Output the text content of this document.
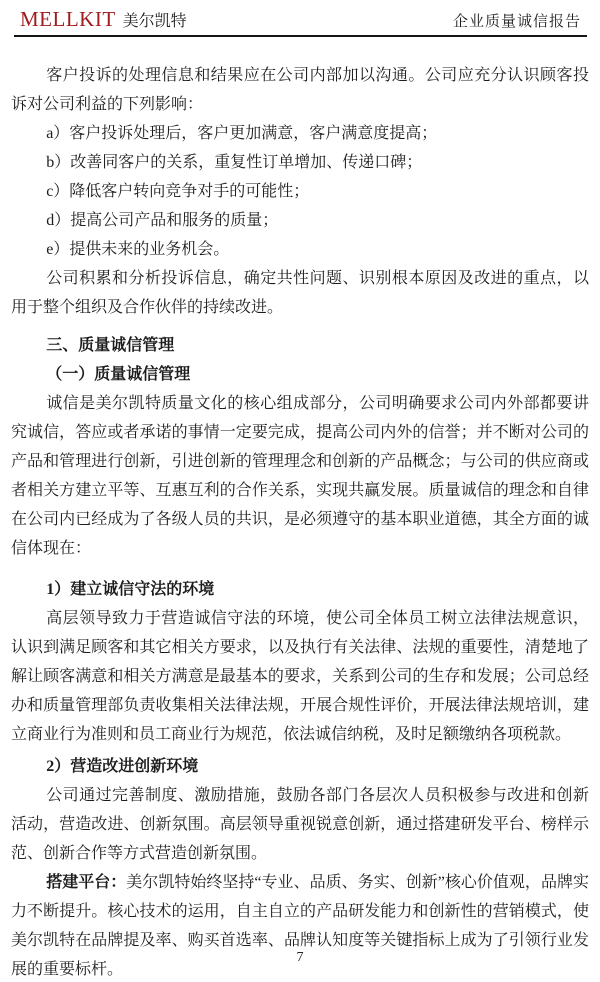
MELLKIT 美尔凯特	企业质量诚信报告

客户投诉的处理信息和结果应在公司内部加以沟通。公司应充分认识顾客投诉对公司利益的下列影响：

a）客户投诉处理后，客户更加满意，客户满意度提高；

b）改善同客户的关系，重复性订单增加、传递口碑；

c）降低客户转向竞争对手的可能性；

d）提高公司产品和服务的质量；

e）提供未来的业务机会。

公司积累和分析投诉信息，确定共性问题、识别根本原因及改进的重点，以用于整个组织及合作伙伴的持续改进。

三、质量诚信管理

（一）质量诚信管理

诚信是美尔凯特质量文化的核心组成部分，公司明确要求公司内外部都要讲究诚信，答应或者承诺的事情一定要完成，提高公司内外的信誉；并不断对公司的产品和管理进行创新，引进创新的管理理念和创新的产品概念；与公司的供应商或者相关方建立平等、互惠互利的合作关系，实现共赢发展。质量诚信的理念和自律在公司内已经成为了各级人员的共识，是必须遵守的基本职业道德，其全方面的诚信体现在：

1）建立诚信守法的环境

高层领导致力于营造诚信守法的环境，使公司全体员工树立法律法规意识，认识到满足顾客和其它相关方要求，以及执行有关法律、法规的重要性，清楚地了解让顾客满意和相关方满意是最基本的要求，关系到公司的生存和发展；公司总经办和质量管理部负责收集相关法律法规，开展合规性评价，开展法律法规培训，建立商业行为准则和员工商业行为规范，依法诚信纳税，及时足额缴纳各项税款。

2）营造改进创新环境

公司通过完善制度、激励措施，鼓励各部门各层次人员积极参与改进和创新活动，营造改进、创新氛围。高层领导重视锐意创新，通过搭建研发平台、榜样示范、创新合作等方式营造创新氛围。

搭建平台：美尔凯特始终坚持“专业、品质、务实、创新”核心价值观，品牌实力不断提升。核心技术的运用，自主自立的产品研发能力和创新性的营销模式，使美尔凯特在品牌提及率、购买首选率、品牌认知度等关键指标上成为了引领行业发展的重要标杆。

7
